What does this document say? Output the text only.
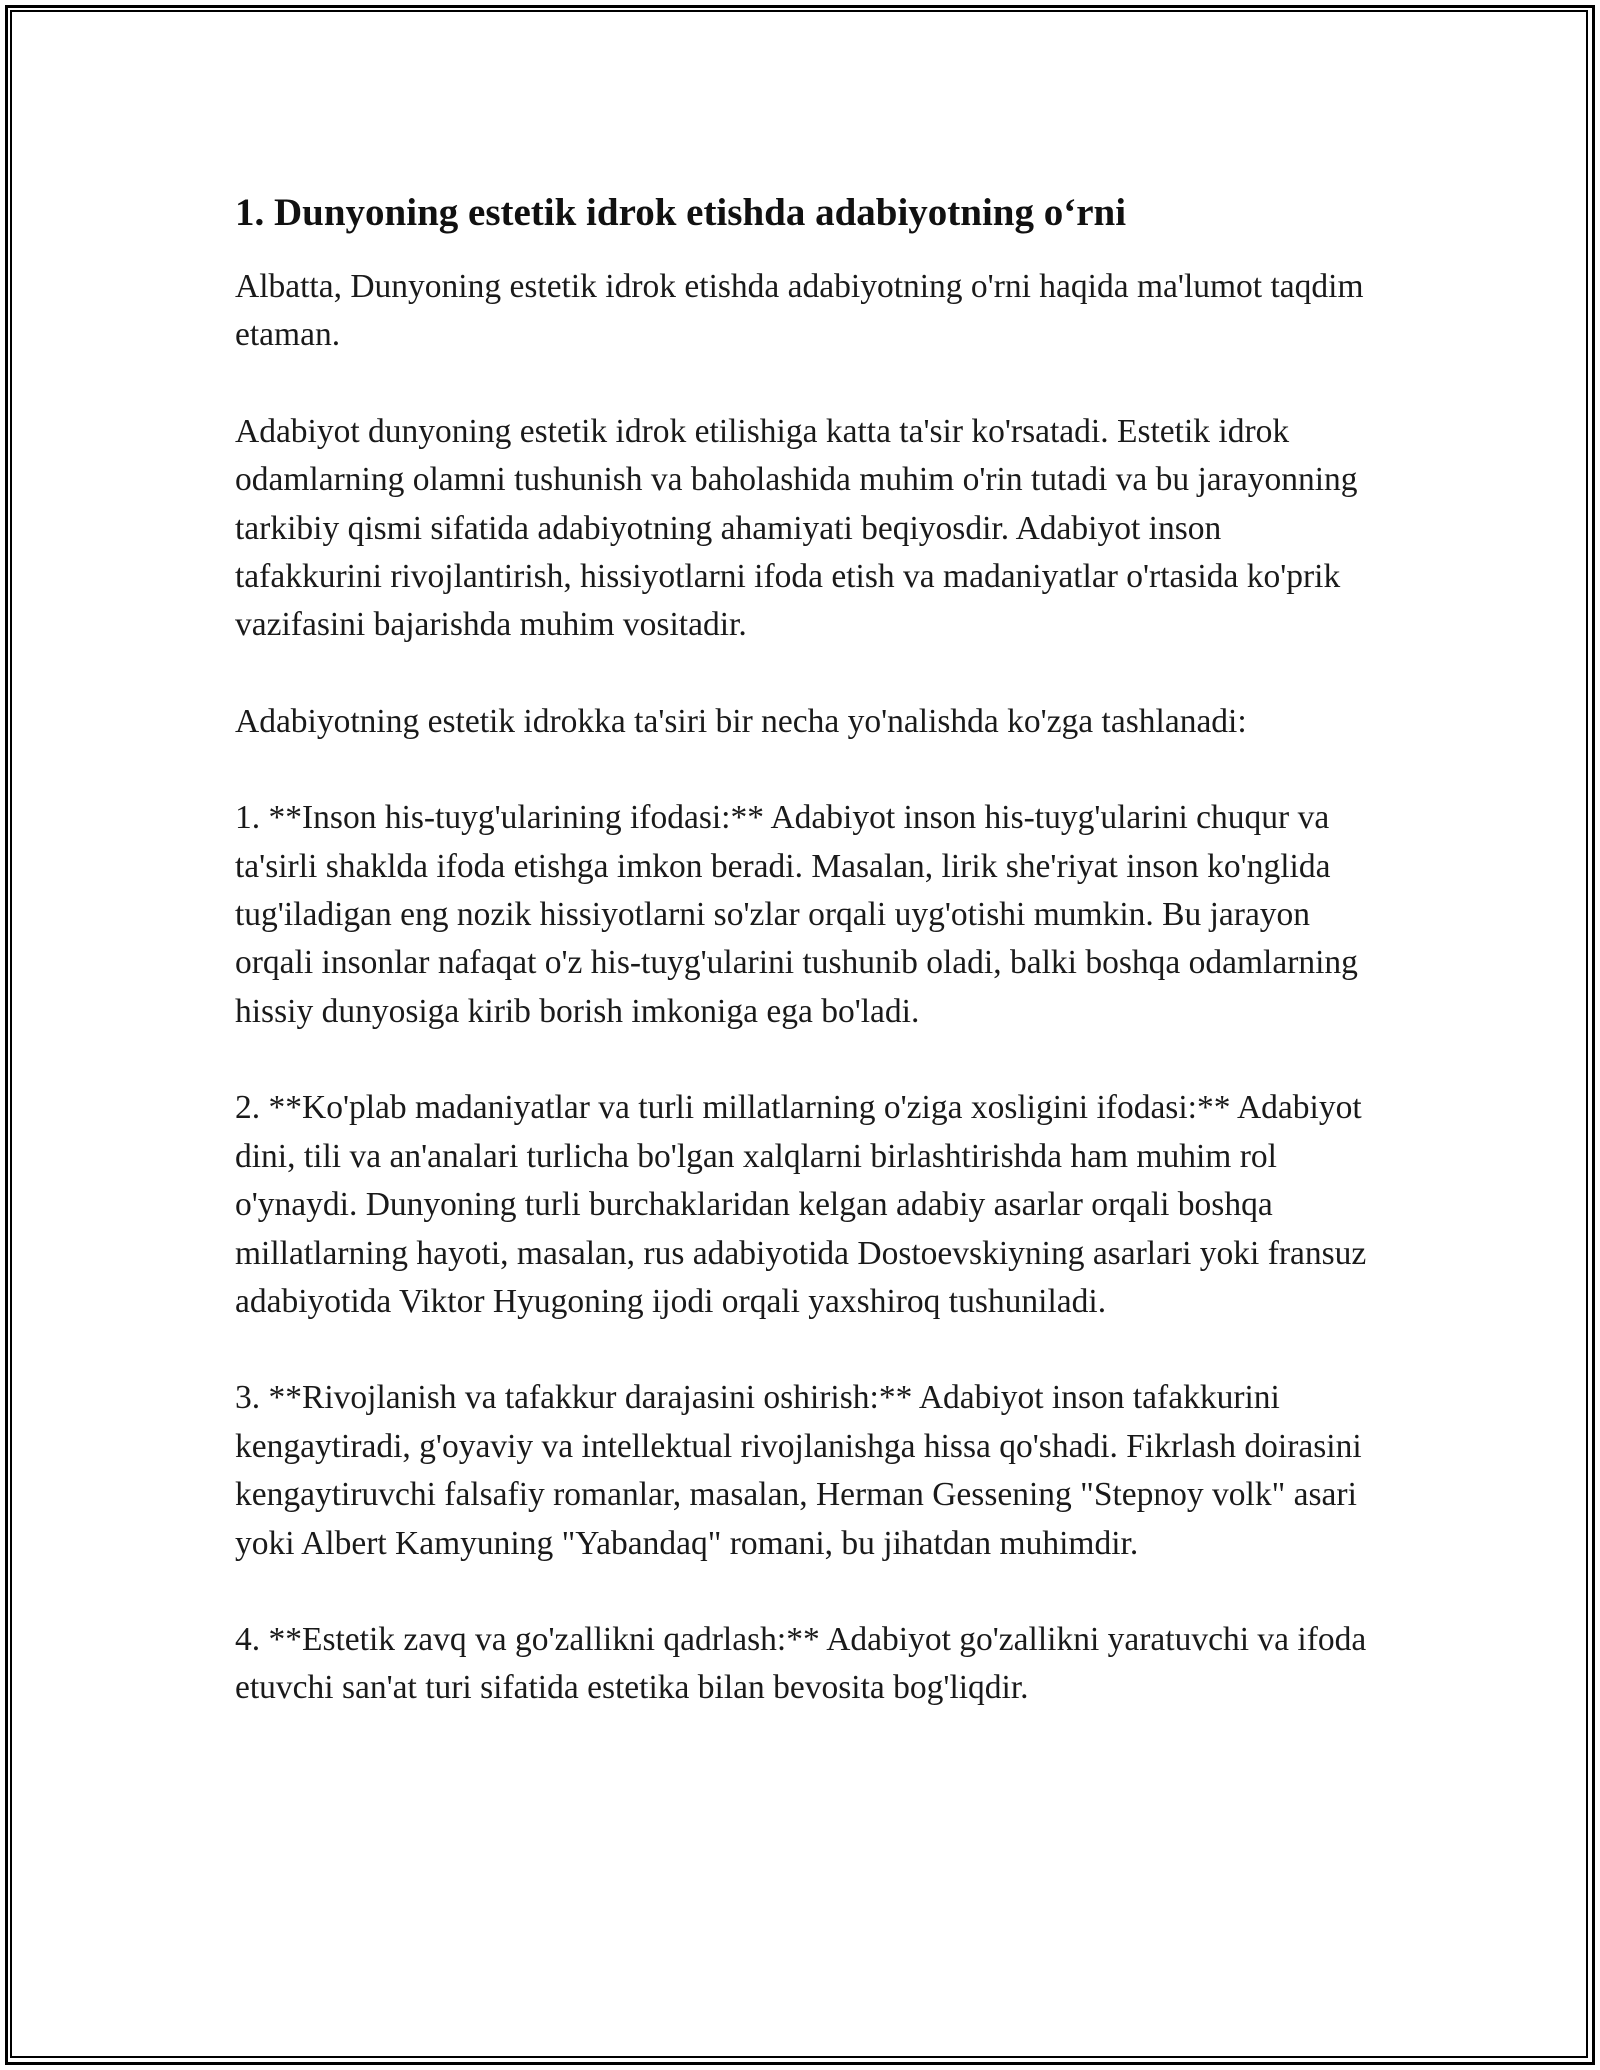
1. Dunyoning estetik idrok etishda adabiyotning o‘rni

Albatta, Dunyoning estetik idrok etishda adabiyotning o'rni haqida ma'lumot taqdim etaman.

Adabiyot dunyoning estetik idrok etilishiga katta ta'sir ko'rsatadi. Estetik idrok odamlarning olamni tushunish va baholashida muhim o'rin tutadi va bu jarayonning tarkibiy qismi sifatida adabiyotning ahamiyati beqiyosdir. Adabiyot inson tafakkurini rivojlantirish, hissiyotlarni ifoda etish va madaniyatlar o'rtasida ko'prik vazifasini bajarishda muhim vositadir.

Adabiyotning estetik idrokka ta'siri bir necha yo'nalishda ko'zga tashlanadi:

1. **Inson his-tuyg'ularining ifodasi:** Adabiyot inson his-tuyg'ularini chuqur va ta'sirli shaklda ifoda etishga imkon beradi. Masalan, lirik she'riyat inson ko'nglida tug'iladigan eng nozik hissiyotlarni so'zlar orqali uyg'otishi mumkin. Bu jarayon orqali insonlar nafaqat o'z his-tuyg'ularini tushunib oladi, balki boshqa odamlarning hissiy dunyosiga kirib borish imkoniga ega bo'ladi.

2. **Ko'plab madaniyatlar va turli millatlarning o'ziga xosligini ifodasi:** Adabiyot dini, tili va an'analari turlicha bo'lgan xalqlarni birlashtirishda ham muhim rol o'ynaydi. Dunyoning turli burchaklaridan kelgan adabiy asarlar orqali boshqa millatlarning hayoti, masalan, rus adabiyotida Dostoevskiyning asarlari yoki fransuz adabiyotida Viktor Hyugoning ijodi orqali yaxshiroq tushuniladi.

3. **Rivojlanish va tafakkur darajasini oshirish:** Adabiyot inson tafakkurini kengaytiradi, g'oyaviy va intellektual rivojlanishga hissa qo'shadi. Fikrlash doirasini kengaytiruvchi falsafiy romanlar, masalan, Herman Gessening "Stepnoy volk" asari yoki Albert Kamyuning "Yabandaq" romani, bu jihatdan muhimdir.

4. **Estetik zavq va go'zallikni qadrlash:** Adabiyot go'zallikni yaratuvchi va ifoda etuvchi san'at turi sifatida estetika bilan bevosita bog'liqdir.
